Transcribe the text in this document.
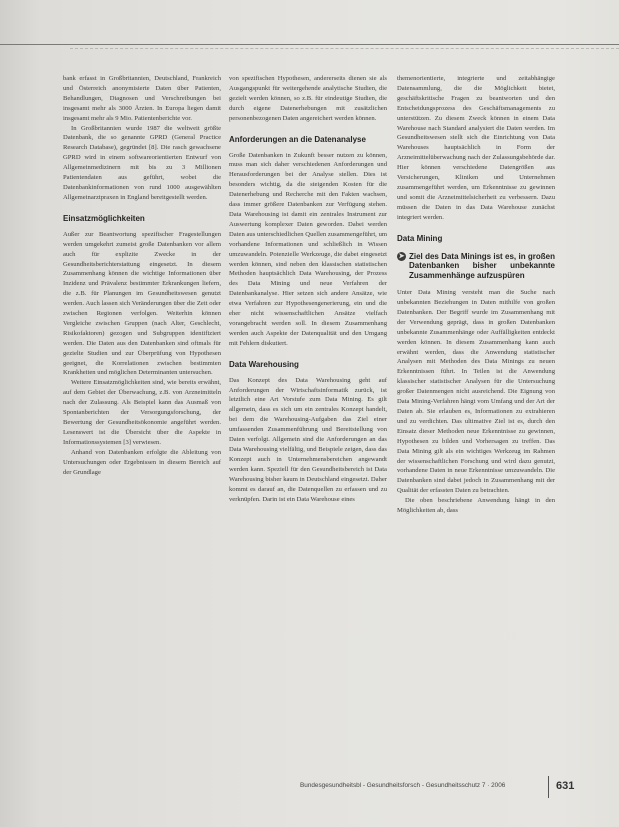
bank erfasst in Großbritannien, Deutschland, Frankreich und Österreich anonymisierte Daten über Patienten, Behandlungen, Diagnosen und Verschreibungen bei insgesamt mehr als 3000 Ärzten. In Europa liegen damit insgesamt mehr als 9 Mio. Patientenberichte vor.

In Großbritannien wurde 1987 die weltweit größte Datenbank, die so genannte GPRD (General Practice Research Database), gegründet [8]. Die rasch gewachsene GPRD wird in einem softwareorientierten Entwurf von Allgemeinmedizinern mit bis zu 3 Millionen Patientendaten aus geführt, wobei die Datenbankinformationen von rund 1000 ausgewählten Allgemeinarztpraxen in England bereitgestellt werden.

Einsatzmöglichkeiten

Außer zur Beantwortung spezifischer Fragestellungen werden umgekehrt zumeist große Datenbanken vor allem auch für explizite Zwecke in der Gesundheitsberichterstattung eingesetzt. In diesem Zusammenhang können die wichtige Informationen über Inzidenz und Prävalenz bestimmter Erkrankungen liefern, die z.B. für Planungen im Gesundheitswesen genutzt werden. Auch lassen sich Veränderungen über die Zeit oder zwischen Regionen verfolgen. Weiterhin können Vergleiche zwischen Gruppen (nach Alter, Geschlecht, Risikofaktoren) gezogen und Subgruppen identifiziert werden. Die Daten aus den Datenbanken sind oftmals für gezielte Studien und zur Überprüfung von Hypothesen geeignet, die Korrelationen zwischen bestimmten Krankheiten und möglichen Determinanten untersuchen.

Weitere Einsatzmöglichkeiten sind, wie bereits erwähnt, auf dem Gebiet der Überwachung, z.B. von Arzneimitteln nach der Zulassung. Als Beispiel kann das Ausmaß von Spontanberichten der Versorgungsforschung, der Bewertung der Gesundheitsökonomie angeführt werden. Lesenswert ist die Übersicht über die Aspekte in Informationssystemen [3] verwiesen.

Anhand von Datenbanken erfolgte die Ableitung von Untersuchungen oder Ergebnissen in diesem Bereich auf der Grundlage

von spezifischen Hypothesen, andererseits dienen sie als Ausgangspunkt für weitergehende analytische Studien, die gezielt werden können, so z.B. für eindeutige Studien, die durch eigene Datenerhebungen mit zusätzlichen personenbezogenen Daten angereichert werden können.

Anforderungen an die Datenanalyse

Große Datenbanken in Zukunft besser nutzen zu können, muss man sich daher verschiedenen Anforderungen und Herausforderungen bei der Analyse stellen. Dies ist besonders wichtig, da die steigenden Kosten für die Datenerhebung und Recherche mit den Fakten wachsen, dass immer größere Datenbanken zur Verfügung stehen. Data Warehousing ist damit ein zentrales Instrument zur Auswertung komplexer Daten geworden. Dabei werden Daten aus unterschiedlichen Quellen zusammengeführt, um vorhandene Informationen und schließlich in Wissen umzuwandeln. Potenzielle Werkzeuge, die dabei eingesetzt werden können, sind neben den klassischen statistischen Methoden hauptsächlich Data Warehousing, der Prozess des Data Mining und neue Verfahren der Datenbankanalyse. Hier setzen sich andere Ansätze, wie etwa Verfahren zur Hypothesengenerierung, ein und die eher nicht wissenschaftlichen Ansätze vielfach vorangebracht werden soll. In diesem Zusammenhang werden auch Aspekte der Datenqualität und den Umgang mit Fehlern diskutiert.

Data Warehousing

Das Konzept des Data Warehousing geht auf Anforderungen der Wirtschaftsinformatik zurück, ist letztlich eine Art Vorstufe zum Data Mining. Es gilt allgemein, dass es sich um ein zentrales Konzept handelt, bei dem die Warehousing-Aufgaben das Ziel einer umfassenden Zusammenführung und Bereitstellung von Daten verfolgt. Allgemein sind die Anforderungen an das Data Warehousing vielfältig, und Beispiele zeigen, dass das Konzept auch in Unternehmensbereichen angewandt werden kann. Speziell für den Gesundheitsbereich ist Data Warehousing bisher kaum in Deutschland eingesetzt. Daher kommt es darauf an, die Datenquellen zu erfassen und zu verknüpfen. Darin ist ein Data Warehouse eines

themenorientierte, integrierte und zeitabhängige Datensammlung, die die Möglichkeit bietet, geschäftskritische Fragen zu beantworten und den Entscheidungsprozess des Geschäftsmanagements zu unterstützen. Zu diesem Zweck können in einem Data Warehouse nach Standard analysiert die Daten werden. Im Gesundheitswesen stellt sich die Einrichtung von Data Warehouses hauptsächlich in Form der Arzneimittelüberwachung nach der Zulassungsbehörde dar. Hier können verschiedene Datengrößen aus Versicherungen, Kliniken und Unternehmen zusammengeführt werden, um Erkenntnisse zu gewinnen und somit die Arzneimittelsicherheit zu verbessern. Dazu müssen die Daten in das Data Warehouse zunächst integriert werden.

Data Mining
➤ Ziel des Data Minings ist es, in großen Datenbanken bisher unbekannte Zusammenhänge aufzuspüren

Unter Data Mining versteht man die Suche nach unbekannten Beziehungen in Daten mithilfe von großen Datenbanken. Der Begriff wurde im Zusammenhang mit der Verwendung geprägt, dass in großen Datenbanken unbekannte Zusammenhänge oder Auffälligkeiten entdeckt werden können. In diesem Zusammenhang kann auch erwähnt werden, dass die Anwendung statistischer Analysen mit Methoden des Data Minings zu neuen Erkenntnissen führt. In Teilen ist die Anwendung klassischer statistischer Analysen für die Untersuchung großer Datenmengen nicht ausreichend. Die Eignung von Data Mining-Verfahren hängt vom Umfang und der Art der Daten ab. Sie erlauben es, Informationen zu extrahieren und zu verdichten. Das ultimative Ziel ist es, durch den Einsatz dieser Methoden neue Erkenntnisse zu gewinnen, Hypothesen zu bilden und Vorhersagen zu treffen. Das Data Mining gilt als ein wichtiges Werkzeug im Rahmen der wissenschaftlichen Forschung und wird dazu genutzt, vorhandene Daten in neue Erkenntnisse umzuwandeln. Die Datenbanken sind dabei jedoch in Zusammenhang mit der Qualität der erfassten Daten zu betrachten.

Die oben beschriebene Anwendung hängt in den Möglichkeiten ab, dass

Bundesgesundheitsbl - Gesundheitsforsch - Gesundheitsschutz 7 · 2006	631
